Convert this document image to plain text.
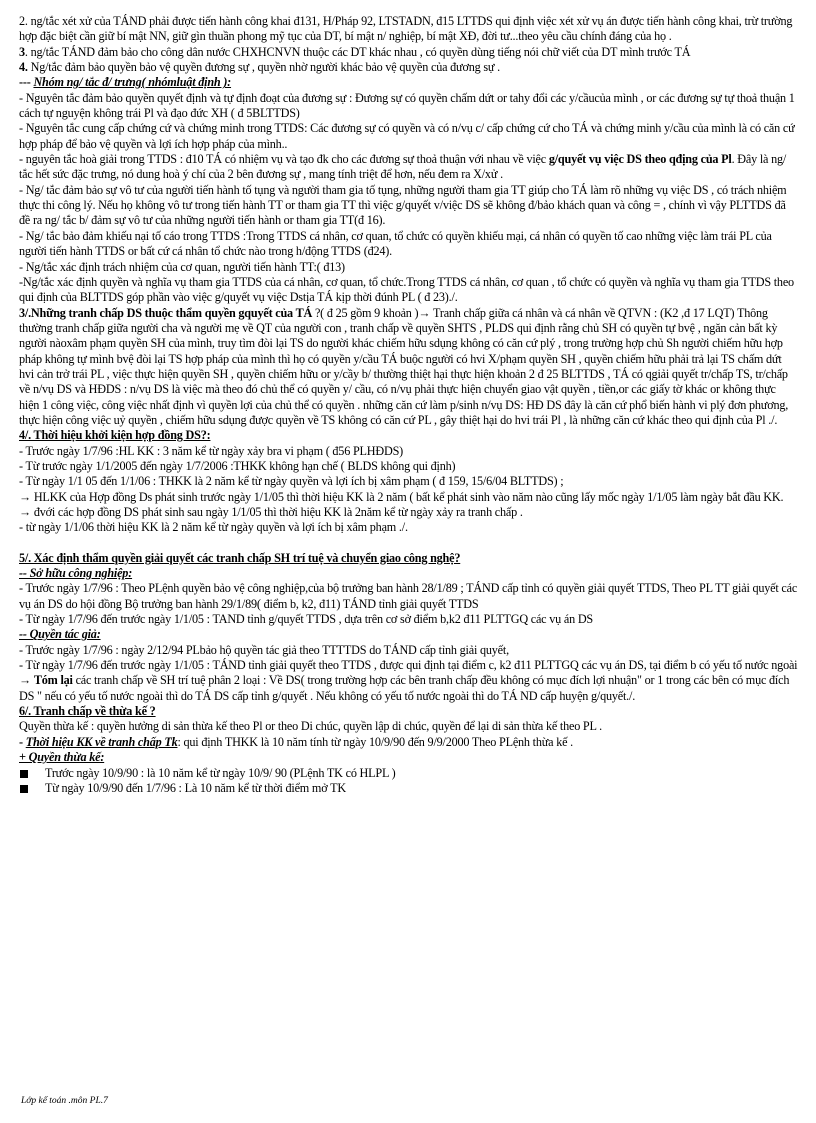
2. ng/tắc xét xử của TÁND phải được tiến hành công khai đ131, H/Pháp 92, LTSTADN, đ15 LTTDS qui định việc xét xử vụ án được tiến hành công khai, trừ trường hợp đặc biệt cần giữ bí mật NN, giữ gìn thuần phong mỹ tục của DT, bí mật n/ nghiệp, bí mật XĐ, đời tư...theo yêu cầu chính đáng của họ .

3. ng/tắc TÁND đảm bảo cho công dân nước CHXHCNVN thuộc các DT khác nhau , có quyền dùng tiếng nói chữ viết của DT mình trước TÁ

4. Ng/tắc đảm bảo quyền bảo vệ quyền đương sự , quyền nhờ người khác bảo vệ quyền của đương sự .

--- Nhóm ng/ tắc đ/ trưng( nhómluật định ):

- Nguyên tắc đảm bảo quyền quyết định và tự định đoạt của đương sự : Đương sự có quyền chấm dứt or tahy đổi các y/cầucủa mình , or các đương sự tự thoả thuận 1 cách tự nguyện không trái Pl và đạo đức XH ( đ 5BLTTDS)

- Nguyên tắc cung cấp chứng cứ và chứng minh trong TTDS: Các đương sự có quyền và có n/vụ c/ cấp chứng cứ cho TÁ và chứng minh y/cầu của mình là có căn cứ hợp pháp để bảo vệ quyền và lợi ích hợp pháp của mình..

- nguyên tắc hoà giải trong TTDS : đ10 TÁ có nhiệm vụ và tạo đk cho các đương sự thoả thuận với nhau về việc g/quyết vụ việc DS theo qđịng của Pl. Đây là ng/ tắc hết sức đặc trưng, nó dung hoà ý chí của 2 bên đương sự , mang tính triệt để hơn, nếu đem ra X/xử .

- Ng/ tắc đảm bảo sự vô tư của người tiến hành tố tụng và người tham gia tố tụng, những người tham gia TT giúp cho TÁ làm rõ những vụ việc DS , có trách nhiệm thực thi công lý. Nếu họ không vô tư trong tiến hành TT or tham gia TT thì việc g/quyết v/việc DS sẽ không đ/bảo khách quan và công = , chính vì vậy PLTTDS đã đề ra ng/ tắc b/ đảm sự vô tư của những người tiến hành or tham gia TT(đ 16).

- Ng/ tắc bảo đảm khiếu nại tố cáo trong TTDS :Trong TTDS cá nhân, cơ quan, tổ chức có quyền khiếu mại, cá nhân có quyền tố cao những việc làm trái PL của người tiến hành TTDS or bất cứ cá nhân tổ chức nào trong h/động TTDS (đ24).

- Ng/tắc xác định trách nhiệm của cơ quan, người tiến hành TT:( đ13)

-Ng/tắc xác định quyền và nghĩa vụ tham gia TTDS của cá nhân, cơ quan, tổ chức.Trong TTDS cá nhân, cơ quan , tổ chức có quyền và nghĩa vụ tham gia TTDS theo qui định của BLTTDS góp phần vào việc g/quyết vụ việc Dstịa TÁ kịp thời đúnh PL ( đ 23)./.

3/.Những tranh chấp DS thuộc thẩm quyền gquyết của TÁ ?( đ 25 gồm 9 khoản )→ Tranh chấp giữa cá nhân và cá nhân về QTVN : (K2 ,đ 17 LQT) Thông thường tranh chấp giữa người cha và người mẹ về QT của người con , tranh chấp về quyền SHTS , PLDS qui định rằng chủ SH có quyền tự bvệ , ngăn cản bất kỳ người nàoxâm phạm quyền SH của mình, truy tìm đòi lại TS do người khác chiếm hữu sdụng không có căn cứ plý , trong trường hợp chủ Sh người chiếm hữu hợp pháp không tự mình bvệ đòi lại TS hợp pháp của mình thì họ có quyền y/cầu TÁ buộc người có hvi X/phạm quyền SH , quyền chiếm hữu phải trả lại TS chấm dứt hvi cản trở trái PL , việc thực hiện quyền SH , quyền chiếm hữu or y/cầy b/ thường thiệt hại thực hiện khoản 2 đ 25 BLTTDS , TÁ có qgiải quyết tr/chấp TS, tr/chấp về n/vụ DS và HĐDS : n/vụ DS là việc mà theo đó chủ thể có quyền y/ cầu, có n/vụ phải thực hiện chuyển giao vật quyền , tiền,or các giấy tờ khác or không thực hiện 1 công việc, công việc nhất định vì quyền lợi của chủ thể có quyền . những căn cứ làm p/sinh n/vụ DS: HĐ DS đây là căn cứ phổ biến hành vi plý đơn phương, thực hiện công việc uỷ quyền , chiếm hữu sdụng được quyền về TS không có căn cứ PL , gây thiệt hại do hvi trái Pl , là những căn cứ khác theo qui định của Pl ./.

4/. Thời hiệu khởi kiện hợp đồng DS?:

- Trước ngày 1/7/96 :HL KK : 3 năm kể từ ngày xảy bra vi phạm ( đ56 PLHĐDS)

- Từ trước ngày 1/1/2005 đến ngày 1/7/2006 :THKK không hạn chế ( BLDS không qui định)

- Từ ngày 1/1 05 đến 1/1/06 : THKK là 2 năm kể từ ngày quyền và lợi ích bị xâm phạm ( đ 159, 15/6/04 BLTTDS) ;

→ HLKK của Hợp đồng Ds phát sinh trước ngày 1/1/05 thì thời hiệu KK là 2 năm ( bất kể phát sinh vào năm nào cũng lấy mốc ngày 1/1/05 làm ngày bắt đầu KK.

→ đvới các hợp đồng DS phát sinh sau ngày 1/1/05 thì thời hiệu KK là 2năm kể từ ngày xảy ra tranh chấp .

- từ ngày 1/1/06 thời hiệu KK là 2 năm kể từ ngày quyền và lợi ích bị xâm phạm ./.

5/. Xác định thẩm quyền giải quyết các tranh chấp SH trí tuệ và chuyển giao công nghệ?

-- Sở hữu công nghiệp:

- Trước ngày 1/7/96 : Theo PLệnh quyền bảo vệ công nghiệp,của bộ trưởng ban hành 28/1/89 ; TÁND cấp tỉnh có quyền giải quyết TTDS, Theo PL TT giải quyết các vụ án DS do hội đồng Bộ trưởng ban hành 29/1/89( điểm b, k2, đ11) TÁND tỉnh giải quyết TTDS

- Từ ngày 1/7/96 đến trước ngày 1/1/05 : TAND tỉnh g/quyết TTDS , dựa trên cơ sở điểm b,k2 đ11 PLTTGQ các vụ án DS

-- Quyền tác giả:

- Trước ngày 1/7/96 : ngày 2/12/94 PLbảo hộ quyền tác giả theo TTTTDS do TÁND cấp tỉnh giải quyết,

- Từ ngày 1/7/96 đến trước ngày 1/1/05 : TÁND tỉnh giải quyết theo TTDS , được qui định tại điểm c, k2 đ11 PLTTGQ các vụ án DS, tại điểm b có yếu tố nước ngoài

→ Tóm lại các tranh chấp về SH trí tuệ phân 2 loại : Về DS( trong trường hợp các bên tranh chấp đều không có mục đích lợi nhuận" or 1 trong các bên có mục đích DS " nếu có yếu tố nước ngoài thì do TÁ DS cấp tỉnh g/quyết . Nếu không có yếu tố nước ngoài thì do TÁ ND cấp huyện g/quyết./.

6/. Tranh chấp về thừa kế ?

Quyền thừa kế : quyền hưởng di sản thừa kế theo Pl or theo Di chúc, quyền lập di chúc, quyền để lại di sản thừa kế theo PL .

- Thời hiệu KK về tranh chấp Tk: qui định THKK là 10 năm tính từ ngày 10/9/90 đến 9/9/2000 Theo PLệnh thừa kế .

+ Quyền thừa kế:

Trước ngày 10/9/90 : là 10 năm kể từ ngày 10/9/ 90 (PLệnh TK có HLPL )
Từ ngày 10/9/90 đến 1/7/96 : Là 10 năm kể từ thời điểm mở TK
Lớp kế toán .môn PL.7
